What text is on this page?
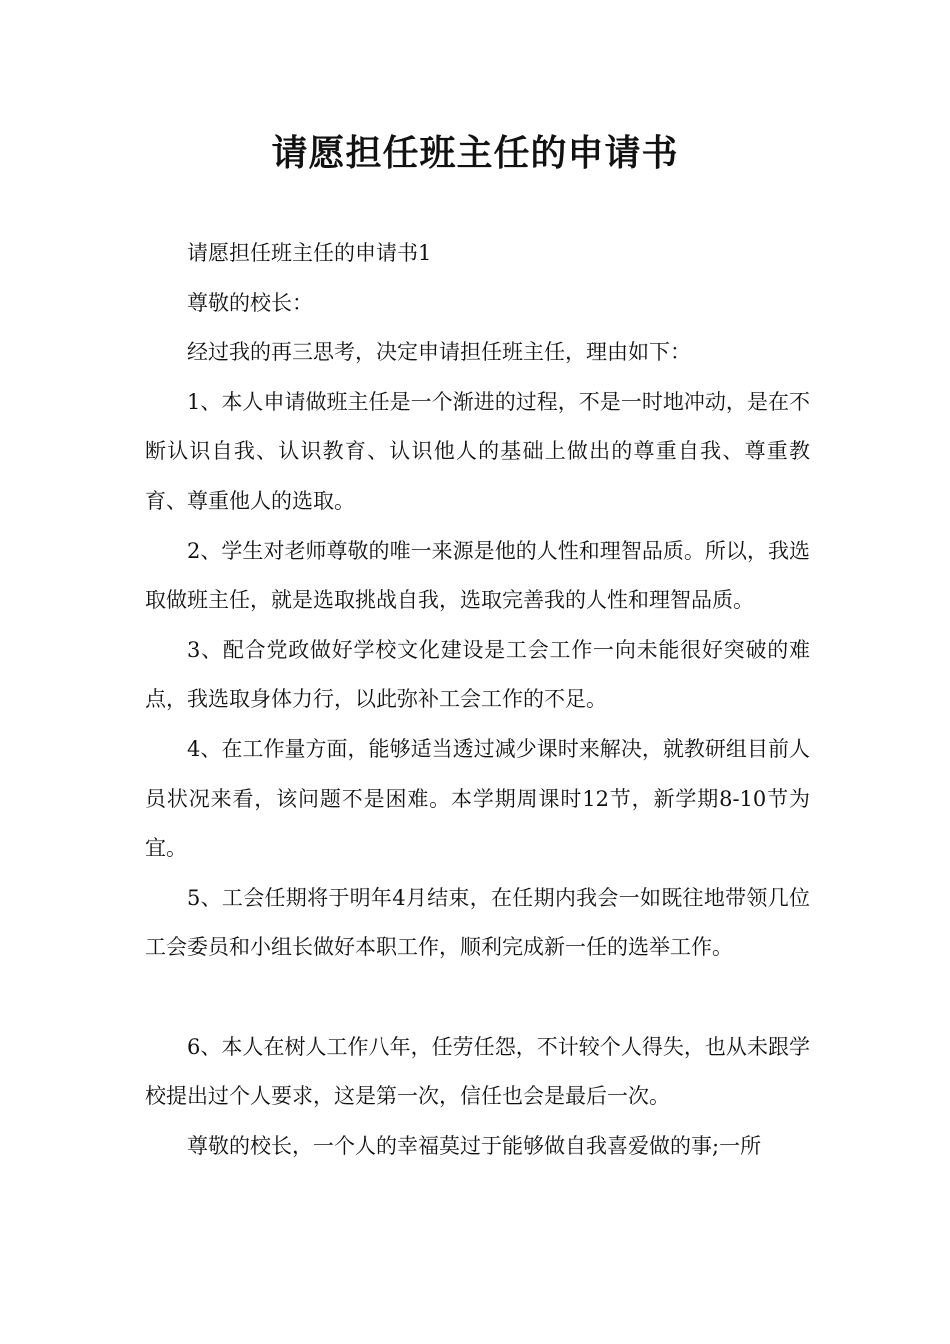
请愿担任班主任的申请书

请愿担任班主任的申请书1

尊敬的校长：

经过我的再三思考，决定申请担任班主任，理由如下：

1、本人申请做班主任是一个渐进的过程，不是一时地冲动，是在不断认识自我、认识教育、认识他人的基础上做出的尊重自我、尊重教育、尊重他人的选取。

2、学生对老师尊敬的唯一来源是他的人性和理智品质。所以，我选取做班主任，就是选取挑战自我，选取完善我的人性和理智品质。

3、配合党政做好学校文化建设是工会工作一向未能很好突破的难点，我选取身体力行，以此弥补工会工作的不足。

4、在工作量方面，能够适当透过减少课时来解决，就教研组目前人员状况来看，该问题不是困难。本学期周课时12节，新学期8-10节为宜。

5、工会任期将于明年4月结束，在任期内我会一如既往地带领几位工会委员和小组长做好本职工作，顺利完成新一任的选举工作。

6、本人在树人工作八年，任劳任怨，不计较个人得失，也从未跟学校提出过个人要求，这是第一次，信任也会是最后一次。

尊敬的校长，一个人的幸福莫过于能够做自我喜爱做的事;一所
